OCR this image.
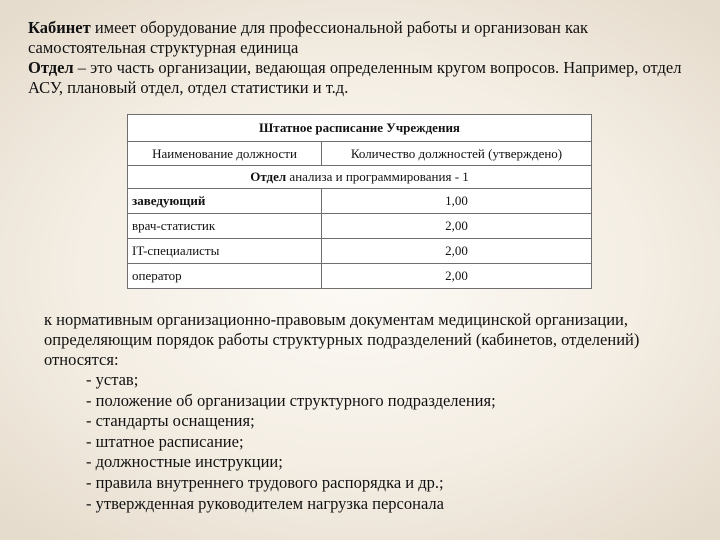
Кабинет имеет оборудование для профессиональной работы и организован как самостоятельная структурная единица

Отдел – это часть организации, ведающая определенным кругом вопросов. Например, отдел АСУ, плановый отдел, отдел статистики и т.д.

Штатное расписание Учреждения	
Наименование должности	Количество должностей (утверждено)
Отдел анализа и программирования - 1	
заведующий	1,00
врач-статистик	2,00
IT-специалисты	2,00
оператор	2,00

к нормативным организационно-правовым документам медицинской организации, определяющим порядок работы структурных подразделений (кабинетов, отделений) относятся:

- устав;
- положение об организации структурного подразделения;
- стандарты оснащения;
- штатное расписание;
- должностные инструкции;
- правила внутреннего трудового распорядка и др.;
- утвержденная руководителем нагрузка персонала
